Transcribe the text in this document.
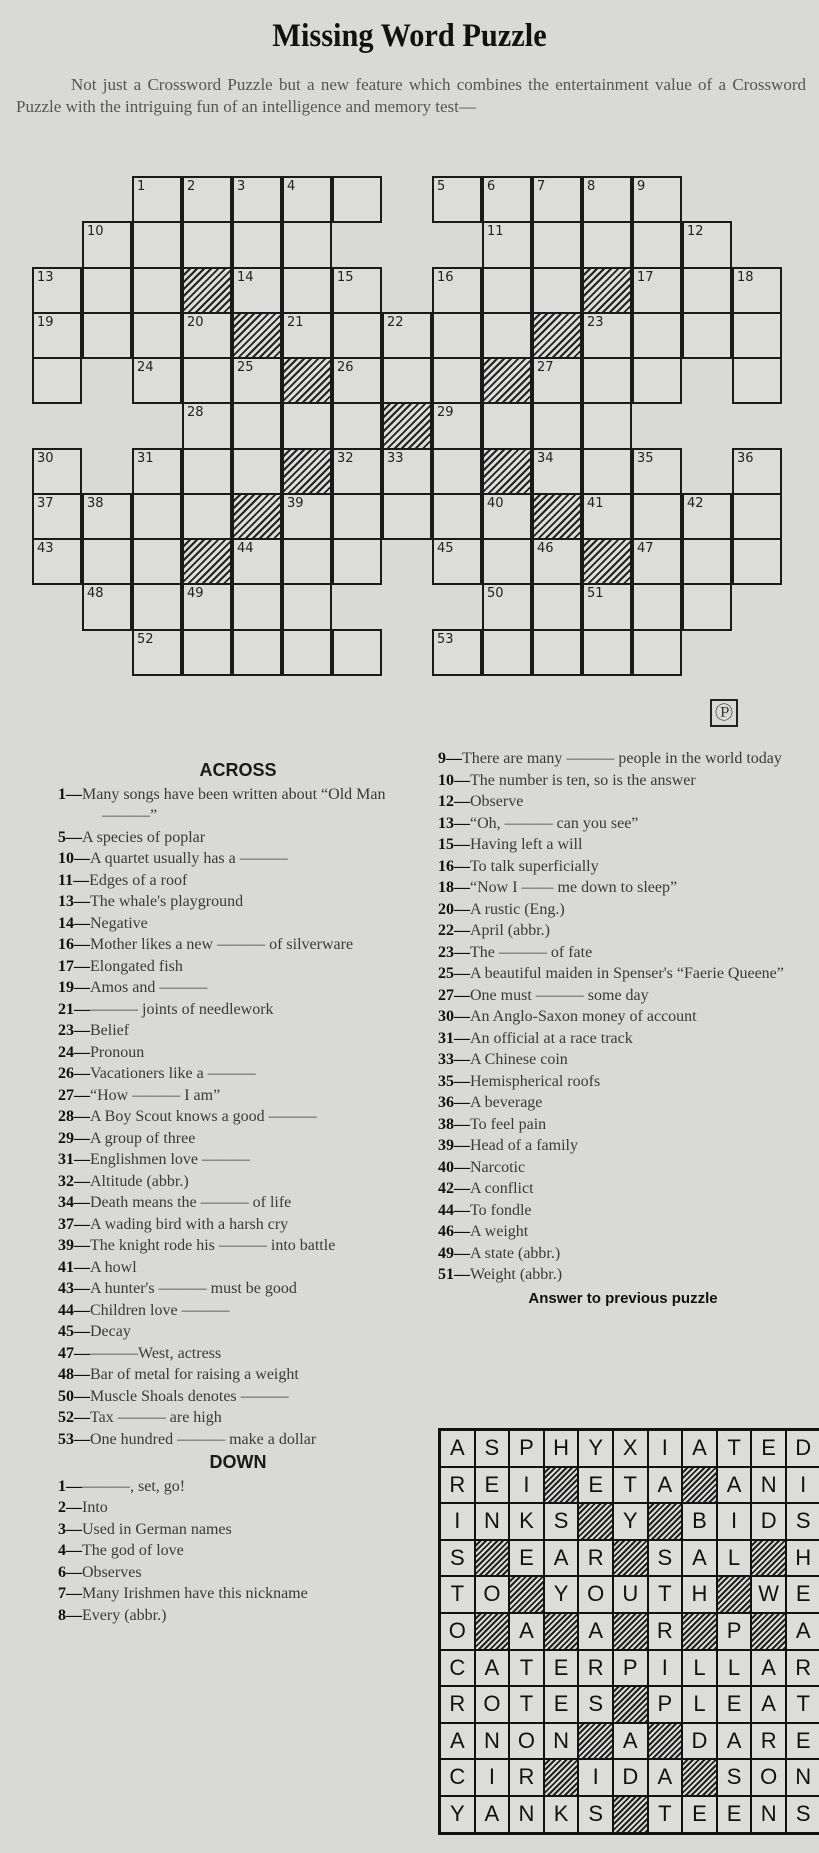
Missing Word Puzzle
Not just a Crossword Puzzle but a new feature which combines the entertainment value of a Crossword Puzzle with the intriguing fun of an intelligence and memory test—
1	2	3	4	5	6	7	8	9
10	11	12
13	14	15	16	17	18
19	20	21	22	23
24	25	26	27
28	29
30	31	32	33	34	35	36
37	38	39	40	41	42
43	44	45	46	47
48	49	50	51
52	53
ACROSS
1—Many songs have been written about “Old Man ———”
5—A species of poplar
10—A quartet usually has a ———
11—Edges of a roof
13—The whale's playground
14—Negative
16—Mother likes a new ——— of silverware
17—Elongated fish
19—Amos and ———
21———— joints of needlework
23—Belief
24—Pronoun
26—Vacationers like a ———
27—“How ——— I am”
28—A Boy Scout knows a good ———
29—A group of three
31—Englishmen love ———
32—Altitude (abbr.)
34—Death means the ——— of life
37—A wading bird with a harsh cry
39—The knight rode his ——— into battle
41—A howl
43—A hunter's ——— must be good
44—Children love ———
45—Decay
47————West, actress
48—Bar of metal for raising a weight
50—Muscle Shoals denotes ———
52—Tax ——— are high
53—One hundred ——— make a dollar
DOWN
1————, set, go!
2—Into
3—Used in German names
4—The god of love
6—Observes
7—Many Irishmen have this nickname
8—Every (abbr.)
9—There are many ——— people in the world today
10—The number is ten, so is the answer
12—Observe
13—“Oh, ——— can you see”
15—Having left a will
16—To talk superficially
18—“Now I —— me down to sleep”
20—A rustic (Eng.)
22—April (abbr.)
23—The ——— of fate
25—A beautiful maiden in Spenser's “Faerie Queene”
27—One must ——— some day
30—An Anglo-Saxon money of account
31—An official at a race track
33—A Chinese coin
35—Hemispherical roofs
36—A beverage
38—To feel pain
39—Head of a family
40—Narcotic
42—A conflict
44—To fondle
46—A weight
49—A state (abbr.)
51—Weight (abbr.)
Answer to previous puzzle
A S P H Y X	I	A T E D
R E	I	E T A	A N	I
I	N K S	Y	B	I	D S
S	E A R	S A L	H
T O	Y O U T H	W E
O	A	A	R	P	A
C A T E R P	I	L	L A R
R O T E S	P L E A T
A N O N	A	D A R E
C	I	R	I	D A	S O N
Y A N K S	T E E N S
Ⓟ
